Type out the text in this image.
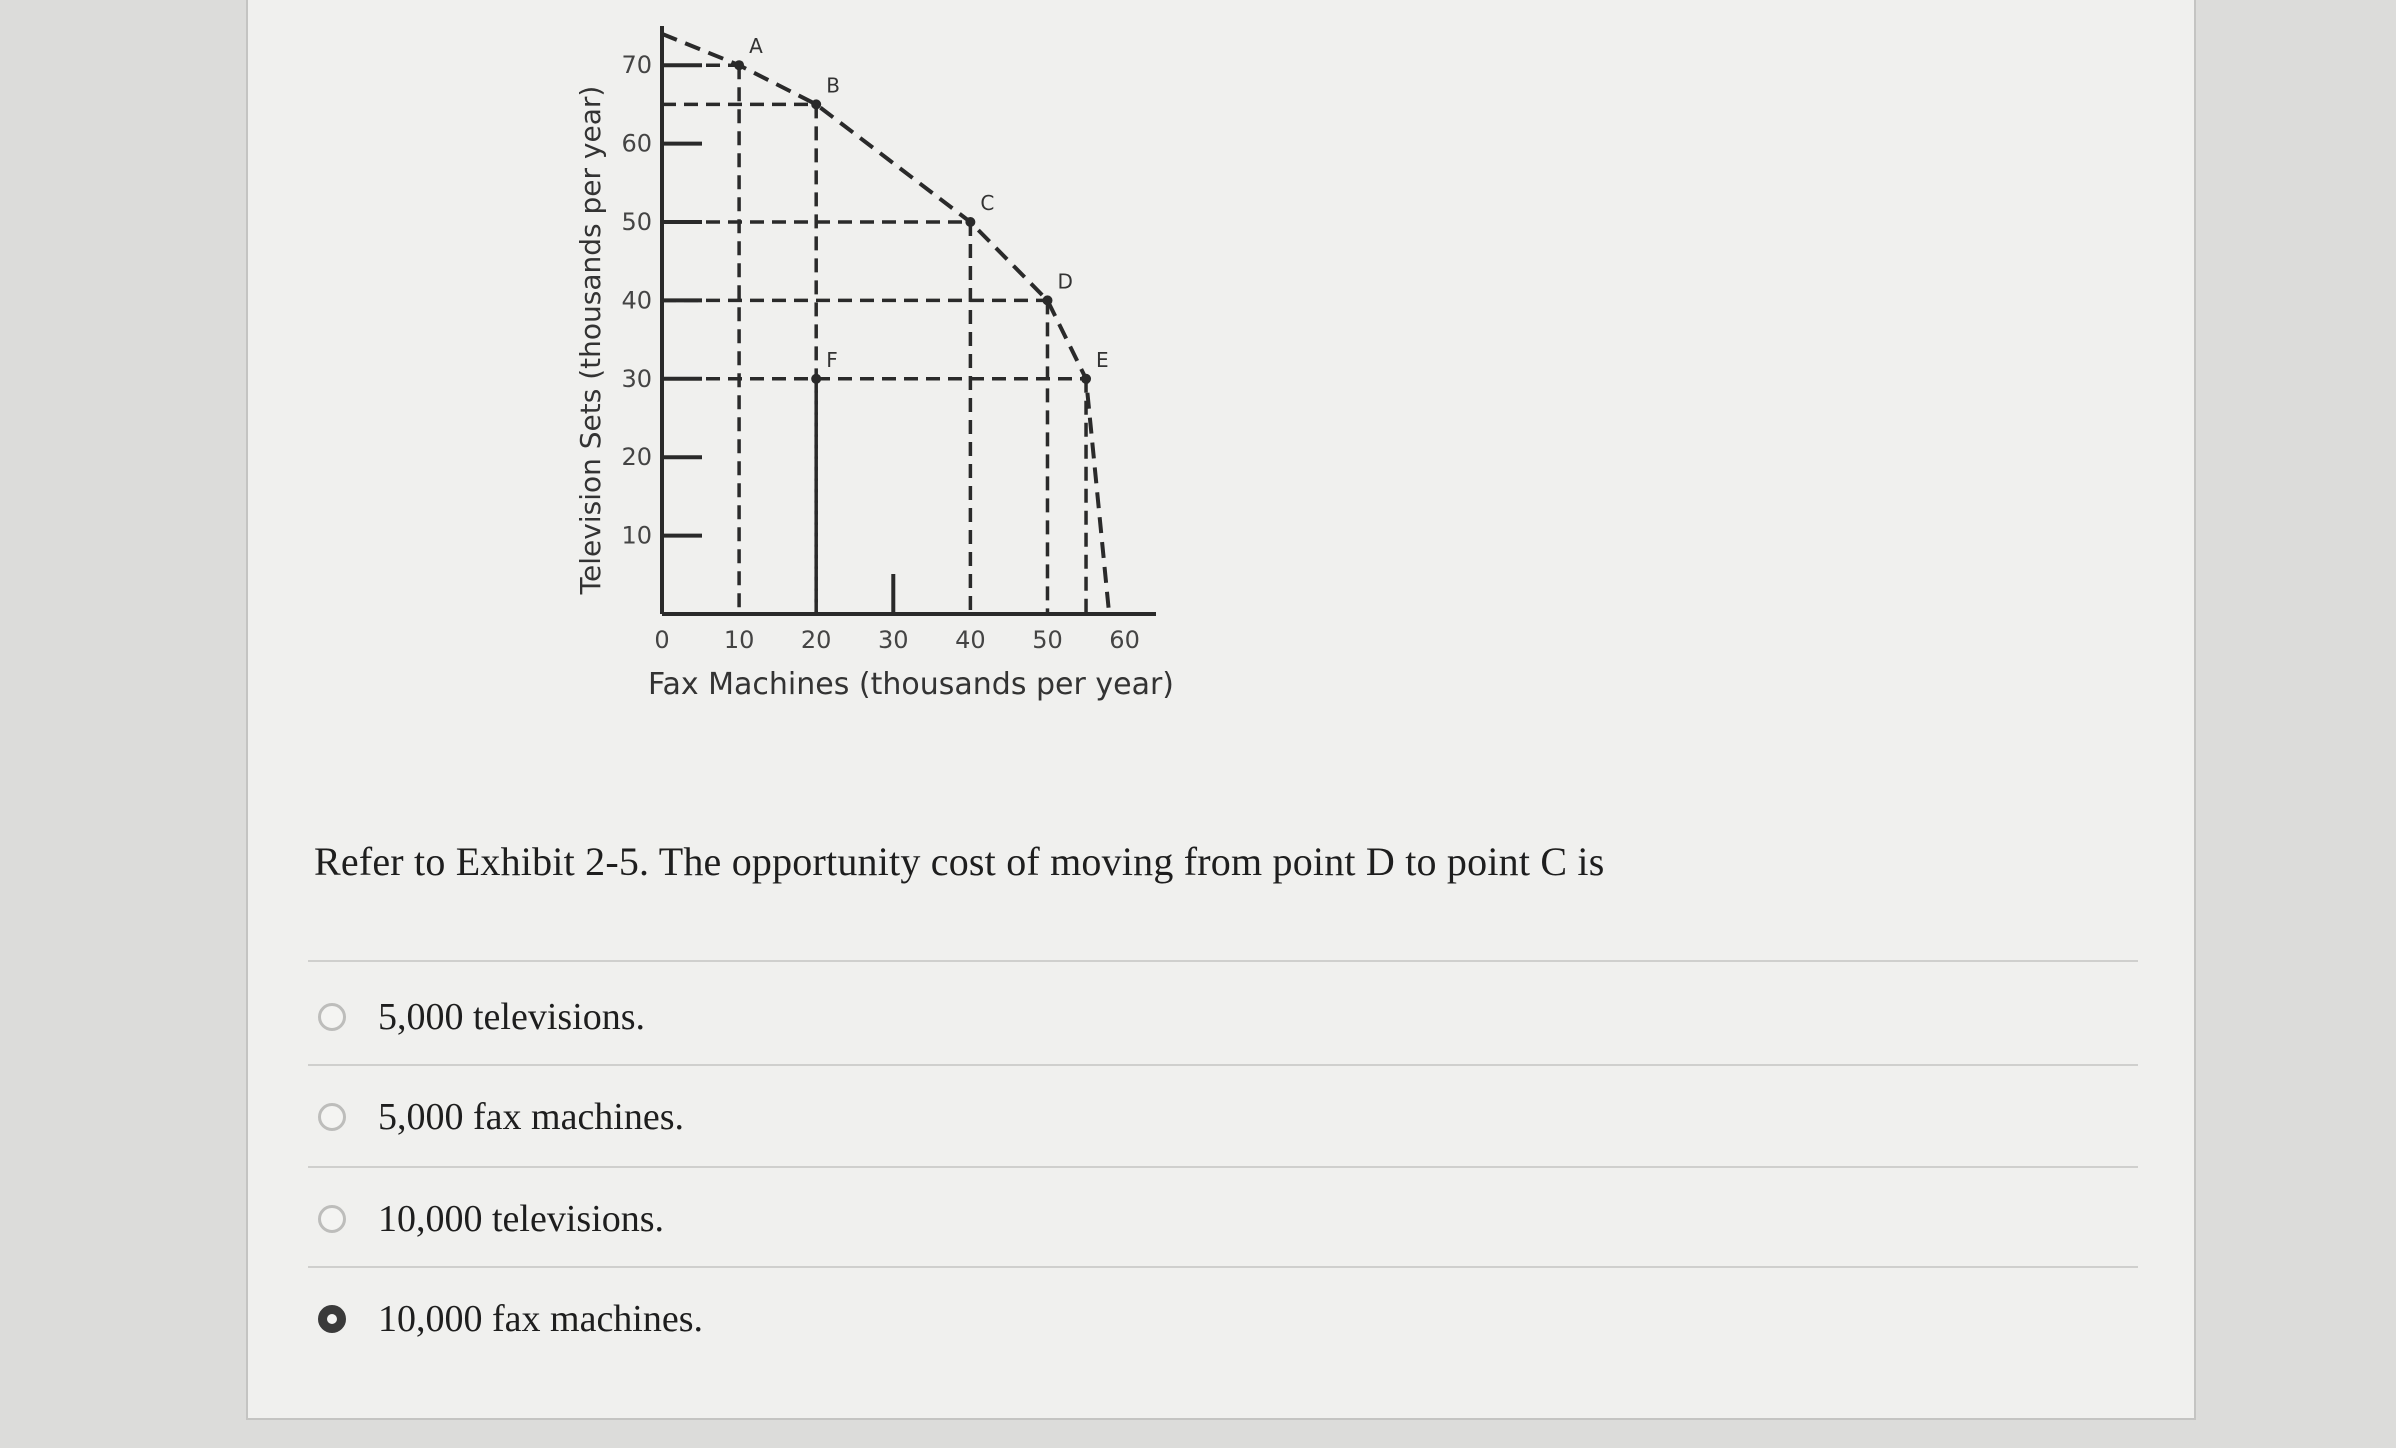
10
20
30
40
50
60
70
0 10 20 30 40 50 60
Fax Machines (thousands per year)
Television Sets (thousands per year)
A
B
C
D
E
F
Refer to Exhibit 2-5. The opportunity cost of moving from point D to point C is
5,000 televisions.
5,000 fax machines.
10,000 televisions.
10,000 fax machines.
